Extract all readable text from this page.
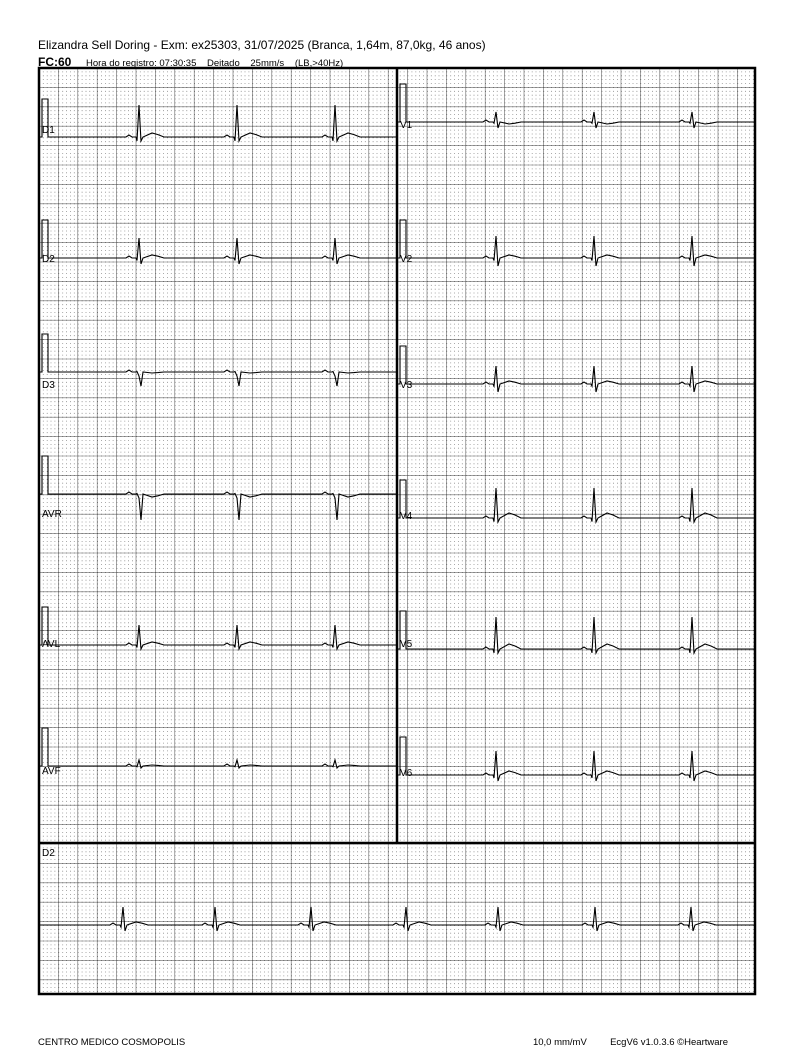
Elizandra Sell Doring - Exm: ex25303, 31/07/2025 (Branca, 1,64m, 87,0kg, 46 anos)
FC:60 Hora do registro: 07:30:35 Deitado 25mm/s (LB,>40Hz)
D1
D2
D3
AVR
AVL
AVF
V1
V2
V3
V4
V5
V6
D2
CENTRO MEDICO COSMOPOLIS	10,0 mm/mV EcgV6 v1.0.3.6 ©Heartware
